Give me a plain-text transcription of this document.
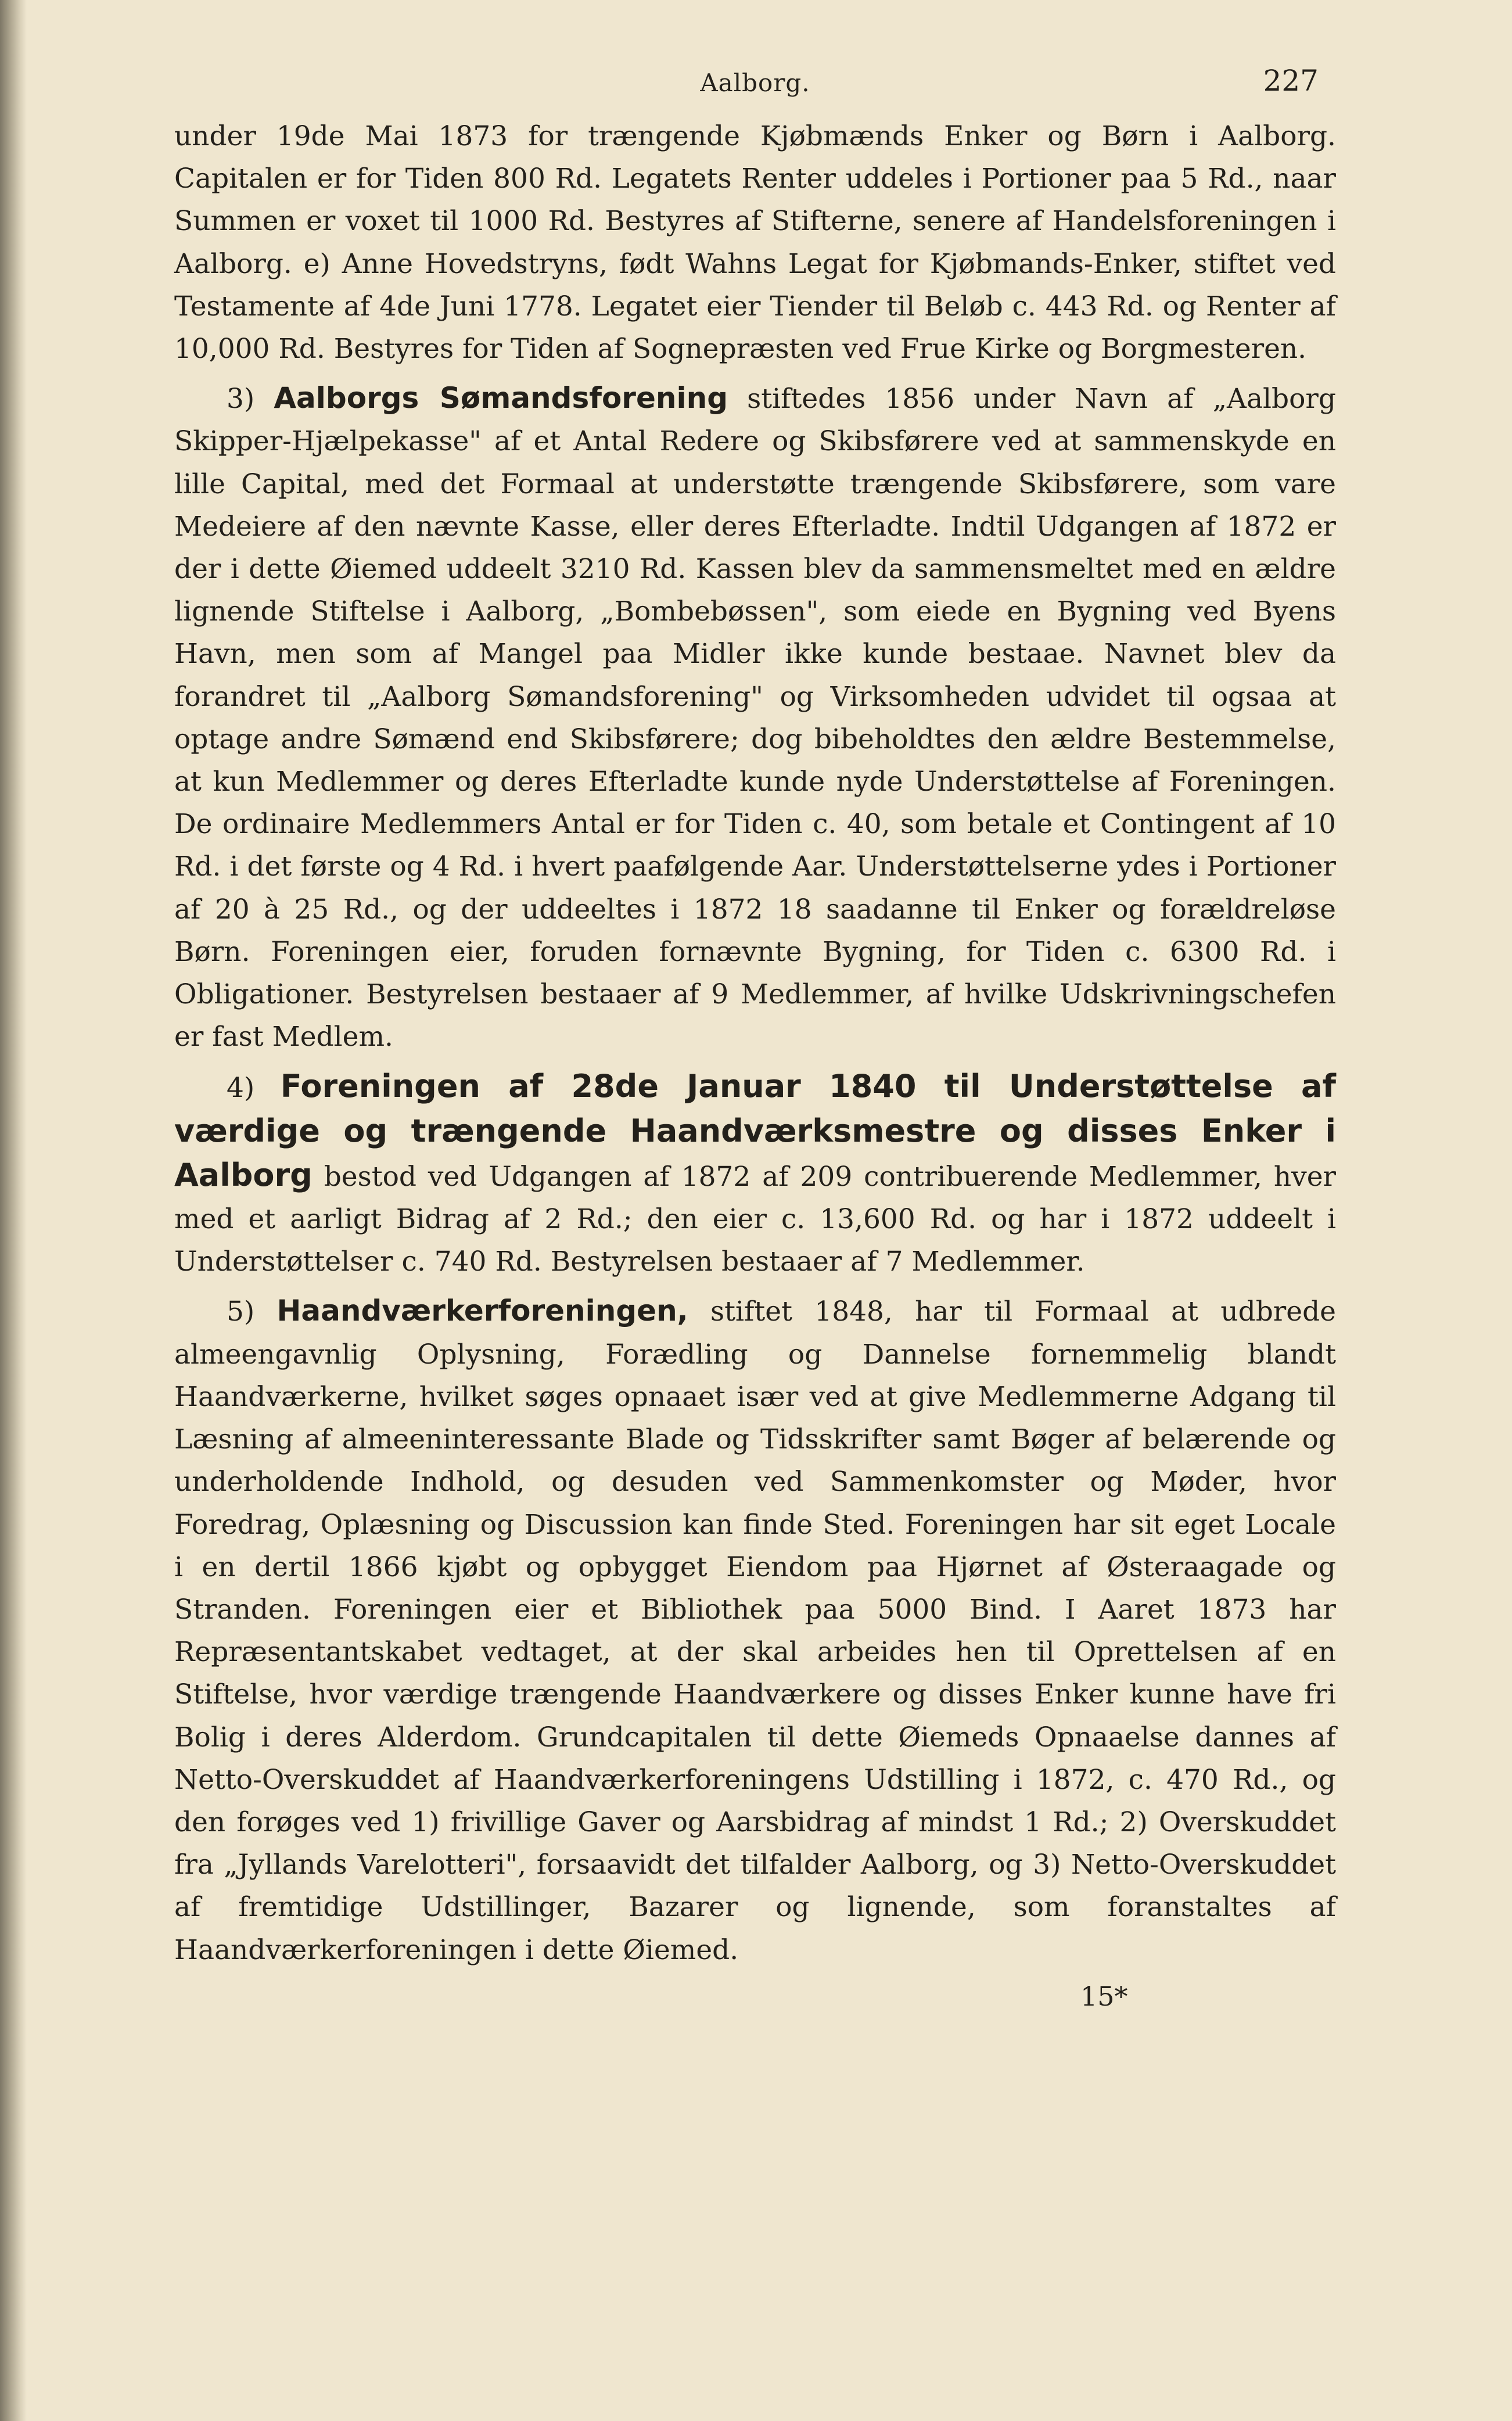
Aalborg.	227

under 19de Mai 1873 for trængende Kjøbmænds Enker og Børn i Aalborg. Capitalen er for Tiden 800 Rd. Legatets Renter uddeles i Portioner paa 5 Rd., naar Summen er voxet til 1000 Rd. Bestyres af Stifterne, senere af Handelsforeningen i Aalborg. e) Anne Hovedstryns, født Wahns Legat for Kjøbmands-Enker, stiftet ved Testamente af 4de Juni 1778. Legatet eier Tiender til Beløb c. 443 Rd. og Renter af 10,000 Rd. Bestyres for Tiden af Sognepræsten ved Frue Kirke og Borgmesteren.

3) Aalborgs Sømandsforening stiftedes 1856 under Navn af „Aalborg Skipper-Hjælpekasse" af et Antal Redere og Skibsførere ved at sammenskyde en lille Capital, med det Formaal at understøtte trængende Skibsførere, som vare Medeiere af den nævnte Kasse, eller deres Efterladte. Indtil Udgangen af 1872 er der i dette Øiemed uddeelt 3210 Rd. Kassen blev da sammensmeltet med en ældre lignende Stiftelse i Aalborg, „Bombebøssen", som eiede en Bygning ved Byens Havn, men som af Mangel paa Midler ikke kunde bestaae. Navnet blev da forandret til „Aalborg Sømandsforening" og Virksomheden udvidet til ogsaa at optage andre Sømænd end Skibsførere; dog bibeholdtes den ældre Bestemmelse, at kun Medlemmer og deres Efterladte kunde nyde Understøttelse af Foreningen. De ordinaire Medlemmers Antal er for Tiden c. 40, som betale et Contingent af 10 Rd. i det første og 4 Rd. i hvert paafølgende Aar. Understøttelserne ydes i Portioner af 20 à 25 Rd., og der uddeeltes i 1872 18 saadanne til Enker og forældreløse Børn. Foreningen eier, foruden fornævnte Bygning, for Tiden c. 6300 Rd. i Obligationer. Bestyrelsen bestaaer af 9 Medlemmer, af hvilke Udskrivningschefen er fast Medlem.

4) Foreningen af 28de Januar 1840 til Understøttelse af værdige og trængende Haandværksmestre og disses Enker i Aalborg bestod ved Udgangen af 1872 af 209 contribuerende Medlemmer, hver med et aarligt Bidrag af 2 Rd.; den eier c. 13,600 Rd. og har i 1872 uddeelt i Understøttelser c. 740 Rd. Bestyrelsen bestaaer af 7 Medlemmer.

5) Haandværkerforeningen, stiftet 1848, har til Formaal at udbrede almeengavnlig Oplysning, Forædling og Dannelse fornemmelig blandt Haandværkerne, hvilket søges opnaaet især ved at give Medlemmerne Adgang til Læsning af almeeninteressante Blade og Tidsskrifter samt Bøger af belærende og underholdende Indhold, og desuden ved Sammenkomster og Møder, hvor Foredrag, Oplæsning og Discussion kan finde Sted. Foreningen har sit eget Locale i en dertil 1866 kjøbt og opbygget Eiendom paa Hjørnet af Østeraagade og Stranden. Foreningen eier et Bibliothek paa 5000 Bind. I Aaret 1873 har Repræsentantskabet vedtaget, at der skal arbeides hen til Oprettelsen af en Stiftelse, hvor værdige trængende Haandværkere og disses Enker kunne have fri Bolig i deres Alderdom. Grundcapitalen til dette Øiemeds Opnaaelse dannes af Netto-Overskuddet af Haandværkerforeningens Udstilling i 1872, c. 470 Rd., og den forøges ved 1) frivillige Gaver og Aarsbidrag af mindst 1 Rd.; 2) Overskuddet fra „Jyllands Varelotteri", forsaavidt det tilfalder Aalborg, og 3) Netto-Overskuddet af fremtidige Udstillinger, Bazarer og lignende, som foranstaltes af Haandværkerforeningen i dette Øiemed.

15*
